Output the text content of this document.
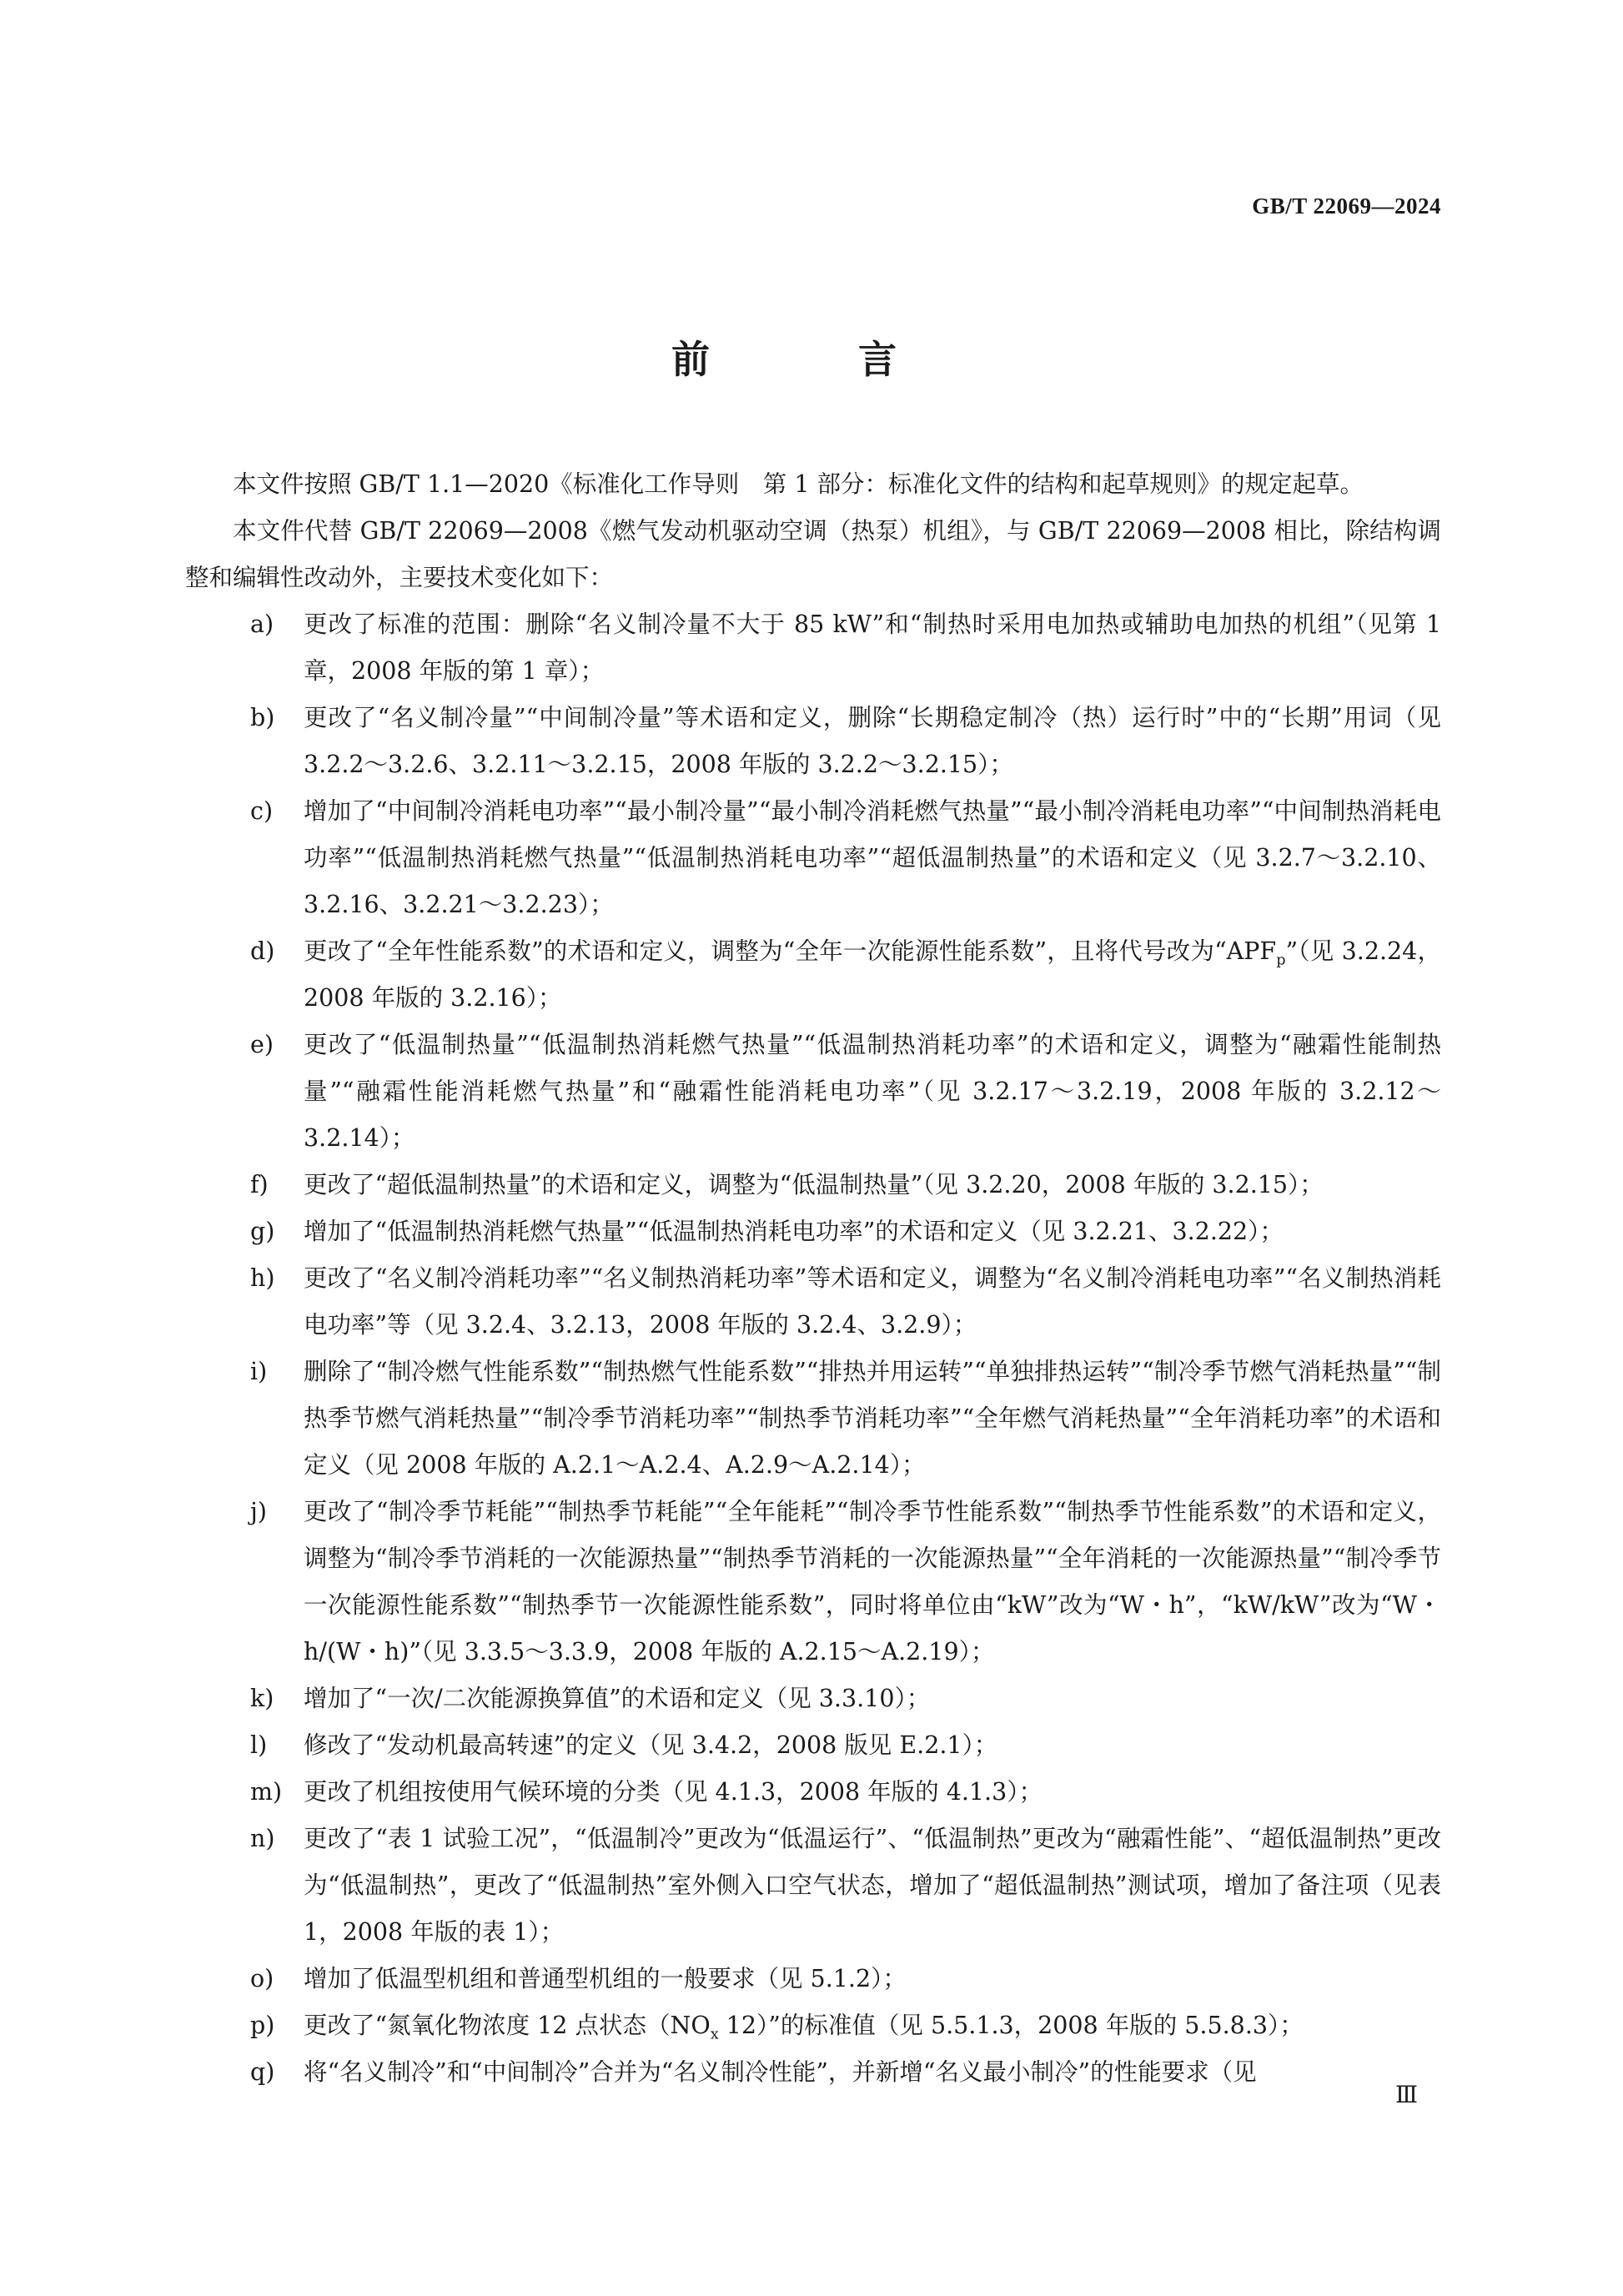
GB/T 22069—2024
前　言
本文件按照 GB/T 1.1—2020《标准化工作导则　第 1 部分：标准化文件的结构和起草规则》的规定起草。
本文件代替 GB/T 22069—2008《燃气发动机驱动空调（热泵）机组》，与 GB/T 22069—2008 相比，除结构调整和编辑性改动外，主要技术变化如下：
a)	更改了标准的范围：删除“名义制冷量不大于 85 kW”和“制热时采用电加热或辅助电加热的机组”（见第 1 章，2008 年版的第 1 章）；
b)	更改了“名义制冷量”“中间制冷量”等术语和定义，删除“长期稳定制冷（热）运行时”中的“长期”用词（见 3.2.2～3.2.6、3.2.11～3.2.15，2008 年版的 3.2.2～3.2.15）；
c)	增加了“中间制冷消耗电功率”“最小制冷量”“最小制冷消耗燃气热量”“最小制冷消耗电功率”“中间制热消耗电功率”“低温制热消耗燃气热量”“低温制热消耗电功率”“超低温制热量”的术语和定义（见 3.2.7～3.2.10、3.2.16、3.2.21～3.2.23）；
d)	更改了“全年性能系数”的术语和定义，调整为“全年一次能源性能系数”，且将代号改为“$APF_p$”（见 3.2.24，2008 年版的 3.2.16）；
e)	更改了“低温制热量”“低温制热消耗燃气热量”“低温制热消耗功率”的术语和定义，调整为“融霜性能制热量”“融霜性能消耗燃气热量”和“融霜性能消耗电功率”（见 3.2.17～3.2.19，2008 年版的 3.2.12～3.2.14）；
f)	更改了“超低温制热量”的术语和定义，调整为“低温制热量”（见 3.2.20，2008 年版的 3.2.15）；
g)	增加了“低温制热消耗燃气热量”“低温制热消耗电功率”的术语和定义（见 3.2.21、3.2.22）；
h)	更改了“名义制冷消耗功率”“名义制热消耗功率”等术语和定义，调整为“名义制冷消耗电功率”“名义制热消耗电功率”等（见 3.2.4、3.2.13，2008 年版的 3.2.4、3.2.9）；
i)	删除了“制冷燃气性能系数”“制热燃气性能系数”“排热并用运转”“单独排热运转”“制冷季节燃气消耗热量”“制热季节燃气消耗热量”“制冷季节消耗功率”“制热季节消耗功率”“全年燃气消耗热量”“全年消耗功率”的术语和定义（见 2008 年版的 A.2.1～A.2.4、A.2.9～A.2.14）；
j)	更改了“制冷季节耗能”“制热季节耗能”“全年能耗”“制冷季节性能系数”“制热季节性能系数”的术语和定义，调整为“制冷季节消耗的一次能源热量”“制热季节消耗的一次能源热量”“全年消耗的一次能源热量”“制冷季节一次能源性能系数”“制热季节一次能源性能系数”，同时将单位由“kW”改为“W・h”，“kW/kW”改为“W・h/(W・h)”（见 3.3.5～3.3.9，2008 年版的 A.2.15～A.2.19）；
k)	增加了“一次/二次能源换算值”的术语和定义（见 3.3.10）；
l)	修改了“发动机最高转速”的定义（见 3.4.2，2008 版见 E.2.1）；
m) 更改了机组按使用气候环境的分类（见 4.1.3，2008 年版的 4.1.3）；
n)	更改了“表 1 试验工况”，“低温制冷”更改为“低温运行”、“低温制热”更改为“融霜性能”、“超低温制热”更改为“低温制热”，更改了“低温制热”室外侧入口空气状态，增加了“超低温制热”测试项，增加了备注项（见表 1，2008 年版的表 1）；
o)	增加了低温型机组和普通型机组的一般要求（见 5.1.2）；
p)	更改了“氮氧化物浓度 12 点状态（$NO_x$ 12）”的标准值（见 5.5.1.3，2008 年版的 5.5.8.3）；
q)	将“名义制冷”和“中间制冷”合并为“名义制冷性能”，并新增“名义最小制冷”的性能要求（见
Ⅲ
